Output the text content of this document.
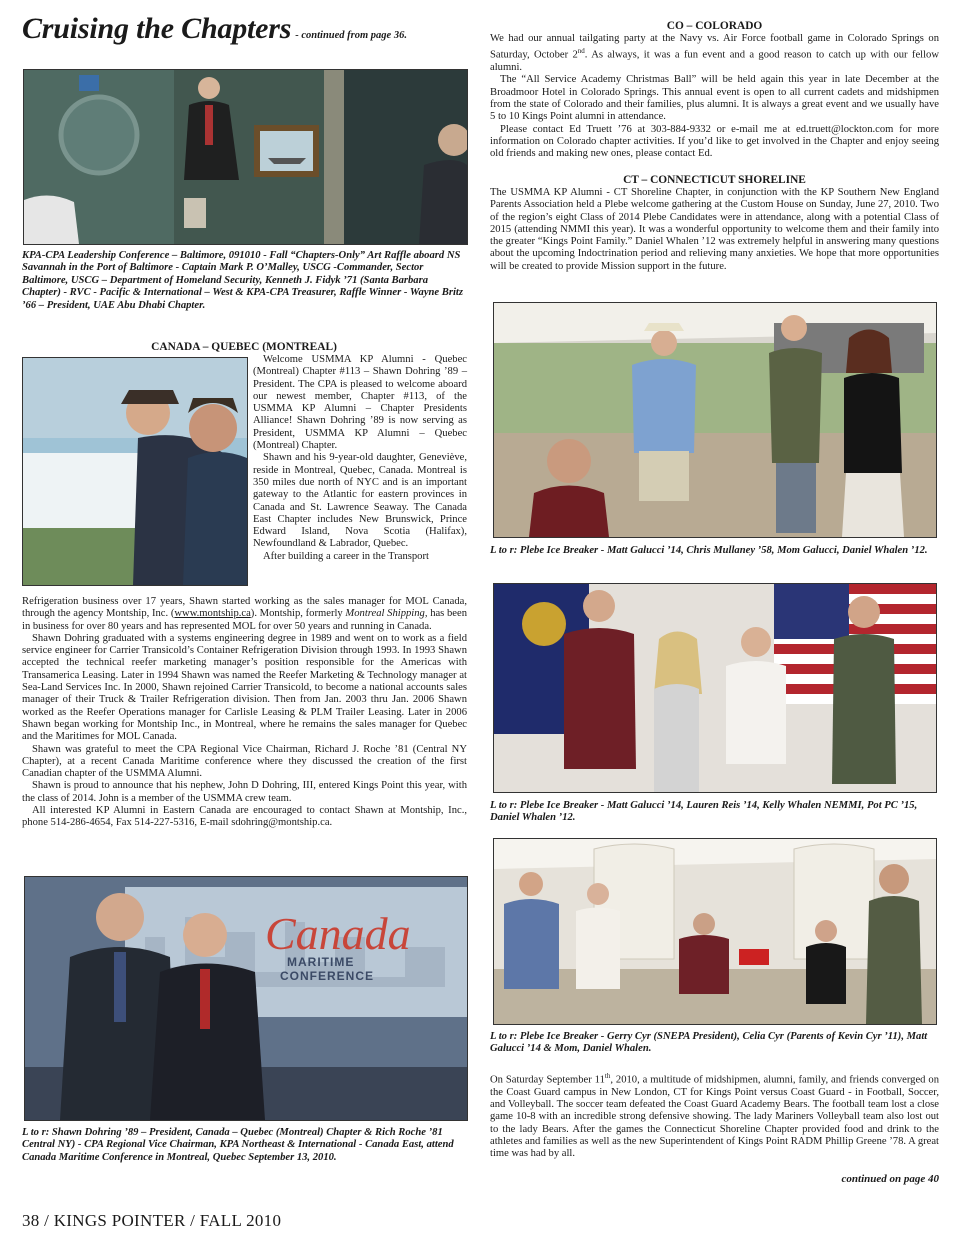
Cruising the Chapters - continued from page 36.
KPA-CPA Leadership Conference – Baltimore, 091010 - Fall “Chapters-Only” Art Raffle aboard NS Savannah in the Port of Baltimore - Captain Mark P. O’Malley, USCG -Commander, Sector Baltimore, USCG – Department of Homeland Security, Kenneth J. Fidyk ’71 (Santa Barbara Chapter) - RVC - Pacific & International – West & KPA-CPA Treasurer, Raffle Winner - Wayne Britz ’66 – President, UAE Abu Dhabi Chapter.
CANADA – QUEBEC (MONTREAL)

Welcome USMMA KP Alumni - Quebec (Montreal) Chapter #113 – Shawn Dohring ’89 – President. The CPA is pleased to welcome aboard our newest member, Chapter #113, of the USMMA KP Alumni – Chapter Presidents Alliance! Shawn Dohring ’89 is now serving as President, USMMA KP Alumni – Quebec (Montreal) Chapter.

Shawn and his 9-year-old daughter, Geneviève, reside in Montreal, Quebec, Canada. Montreal is 350 miles due north of NYC and is an important gateway to the Atlantic for eastern provinces in Canada and St. Lawrence Seaway. The Canada East Chapter includes New Brunswick, Prince Edward Island, Nova Scotia (Halifax), Newfoundland & Labrador, Quebec.

After building a career in the Transport

Refrigeration business over 17 years, Shawn started working as the sales manager for MOL Canada, through the agency Montship, Inc. (www.montship.ca). Montship, formerly Montreal Shipping, has been in business for over 80 years and has represented MOL for over 50 years and running in Canada.

Shawn Dohring graduated with a systems engineering degree in 1989 and went on to work as a field service engineer for Carrier Transicold’s Container Refrigeration Division through 1993. In 1993 Shawn accepted the technical reefer marketing manager’s position responsible for the Americas with Transamerica Leasing. Later in 1994 Shawn was named the Reefer Marketing & Technology manager at Sea-Land Services Inc. In 2000, Shawn rejoined Carrier Transicold, to become a national accounts sales manager of their Truck & Trailer Refrigeration division. Then from Jan. 2003 thru Jan. 2006 Shawn worked as the Reefer Operations manager for Carlisle Leasing & PLM Trailer Leasing. Later in 2006 Shawn began working for Montship Inc., in Montreal, where he remains the sales manager for Quebec and the Maritimes for MOL Canada.

Shawn was grateful to meet the CPA Regional Vice Chairman, Richard J. Roche ’81 (Central NY Chapter), at a recent Canada Maritime conference where they discussed the creation of the first Canadian chapter of the USMMA Alumni.

Shawn is proud to announce that his nephew, John D Dohring, III, entered Kings Point this year, with the class of 2014. John is a member of the USMMA crew team.

All interested KP Alumni in Eastern Canada are encouraged to contact Shawn at Montship, Inc., phone 514-286-4654, Fax 514-227-5316, E-mail sdohring@montship.ca.

Canada
MARITIME
CONFERENCE
L to r: Shawn Dohring ’89 – President, Canada – Quebec (Montreal) Chapter & Rich Roche ’81 Central NY) - CPA Regional Vice Chairman, KPA Northeast & International - Canada East, attend Canada Maritime Conference in Montreal, Quebec September 13, 2010.
CO – COLORADO

We had our annual tailgating party at the Navy vs. Air Force football game in Colorado Springs on Saturday, October 2nd. As always, it was a fun event and a good reason to catch up with our fellow alumni.

The “All Service Academy Christmas Ball” will be held again this year in late December at the Broadmoor Hotel in Colorado Springs. This annual event is open to all current cadets and midshipmen from the state of Colorado and their families, plus alumni. It is always a great event and we usually have 5 to 10 Kings Point alumni in attendance.

Please contact Ed Truett ’76 at 303-884-9332 or e-mail me at ed.truett@lockton.com for more information on Colorado chapter activities. If you’d like to get involved in the Chapter and enjoy seeing old friends and making new ones, please contact Ed.

CT – CONNECTICUT SHORELINE

The USMMA KP Alumni - CT Shoreline Chapter, in conjunction with the KP Southern New England Parents Association held a Plebe welcome gathering at the Custom House on Sunday, June 27, 2010. Two of the region’s eight Class of 2014 Plebe Candidates were in attendance, along with a potential Class of 2015 (attending NMMI this year). It was a wonderful opportunity to welcome them and their family into the greater “Kings Point Family.” Daniel Whalen ’12 was extremely helpful in answering many questions about the upcoming Indoctrination period and relieving many anxieties. We hope that more opportunities will be created to provide Mission support in the future.

L to r: Plebe Ice Breaker - Matt Galucci ’14, Chris Mullaney ’58, Mom Galucci, Daniel Whalen ’12.
L to r: Plebe Ice Breaker - Matt Galucci ’14, Lauren Reis ’14, Kelly Whalen NEMMI, Pot PC ’15, Daniel Whalen ’12.
L to r: Plebe Ice Breaker - Gerry Cyr (SNEPA President), Celia Cyr (Parents of Kevin Cyr ’11), Matt Galucci ’14 & Mom, Daniel Whalen.

On Saturday September 11th, 2010, a multitude of midshipmen, alumni, family, and friends converged on the Coast Guard campus in New London, CT for Kings Point versus Coast Guard - in Football, Soccer, and Volleyball. The soccer team defeated the Coast Guard Academy Bears. The football team lost a close game 10-8 with an incredible strong defensive showing. The lady Mariners Volleyball team also lost out to the lady Bears. After the games the Connecticut Shoreline Chapter provided food and drink to the athletes and families as well as the new Superintendent of Kings Point RADM Phillip Greene ’78. A great time was had by all.

continued on page 40
38 / KINGS POINTER / FALL 2010
